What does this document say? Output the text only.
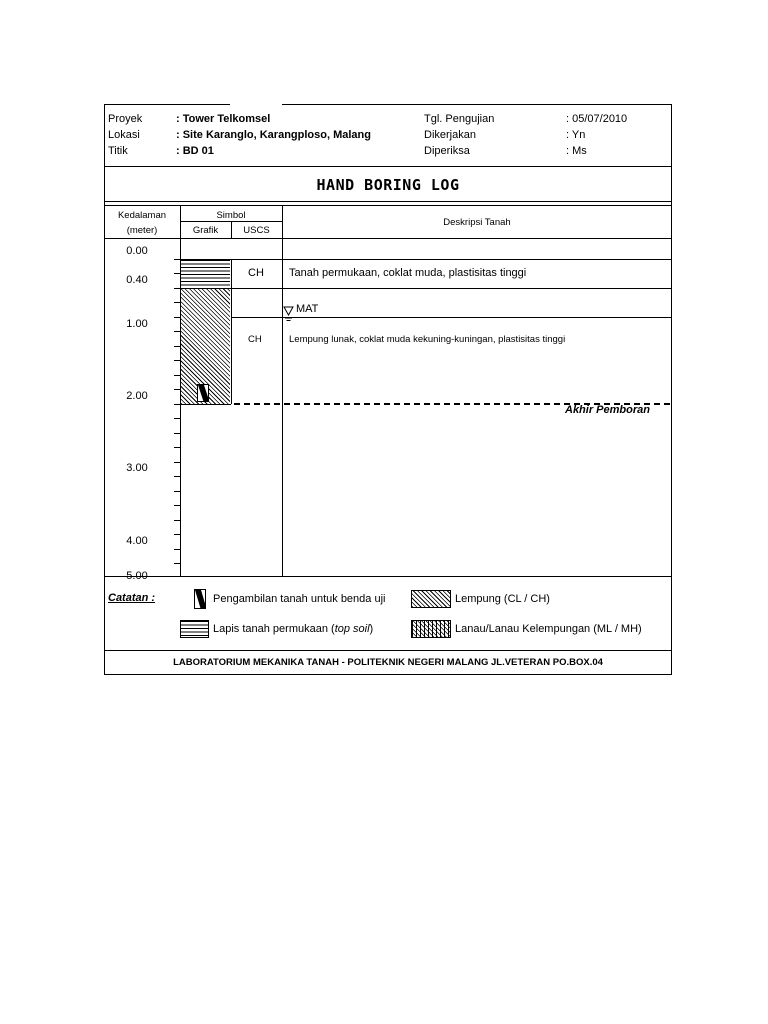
Proyek	: Tower Telkomsel	Tgl. Pengujian	: 05/07/2010
Lokasi	: Site Karanglo, Karangploso, Malang	Dikerjakan	: Yn
Titik	: BD 01	Diperiksa	: Ms
HAND BORING LOG
Kedalaman
(meter)
Simbol
Grafik	USCS
Deskripsi Tanah
0.00
0.40
1.00
2.00
3.00
4.00
5.00
CH Tanah permukaan, coklat muda, plastisitas tinggi
CH	Lempung lunak, coklat muda kekuning-kuningan, plastisitas tinggi
MAT
Akhir Pemboran
Catatan :	Pengambilan tanah untuk benda uji	Lempung (CL / CH)
Lapis tanah permukaan (top soil)	Lanau/Lanau Kelempungan (ML / MH)
LABORATORIUM MEKANIKA TANAH - POLITEKNIK NEGERI MALANG JL.VETERAN PO.BOX.04
